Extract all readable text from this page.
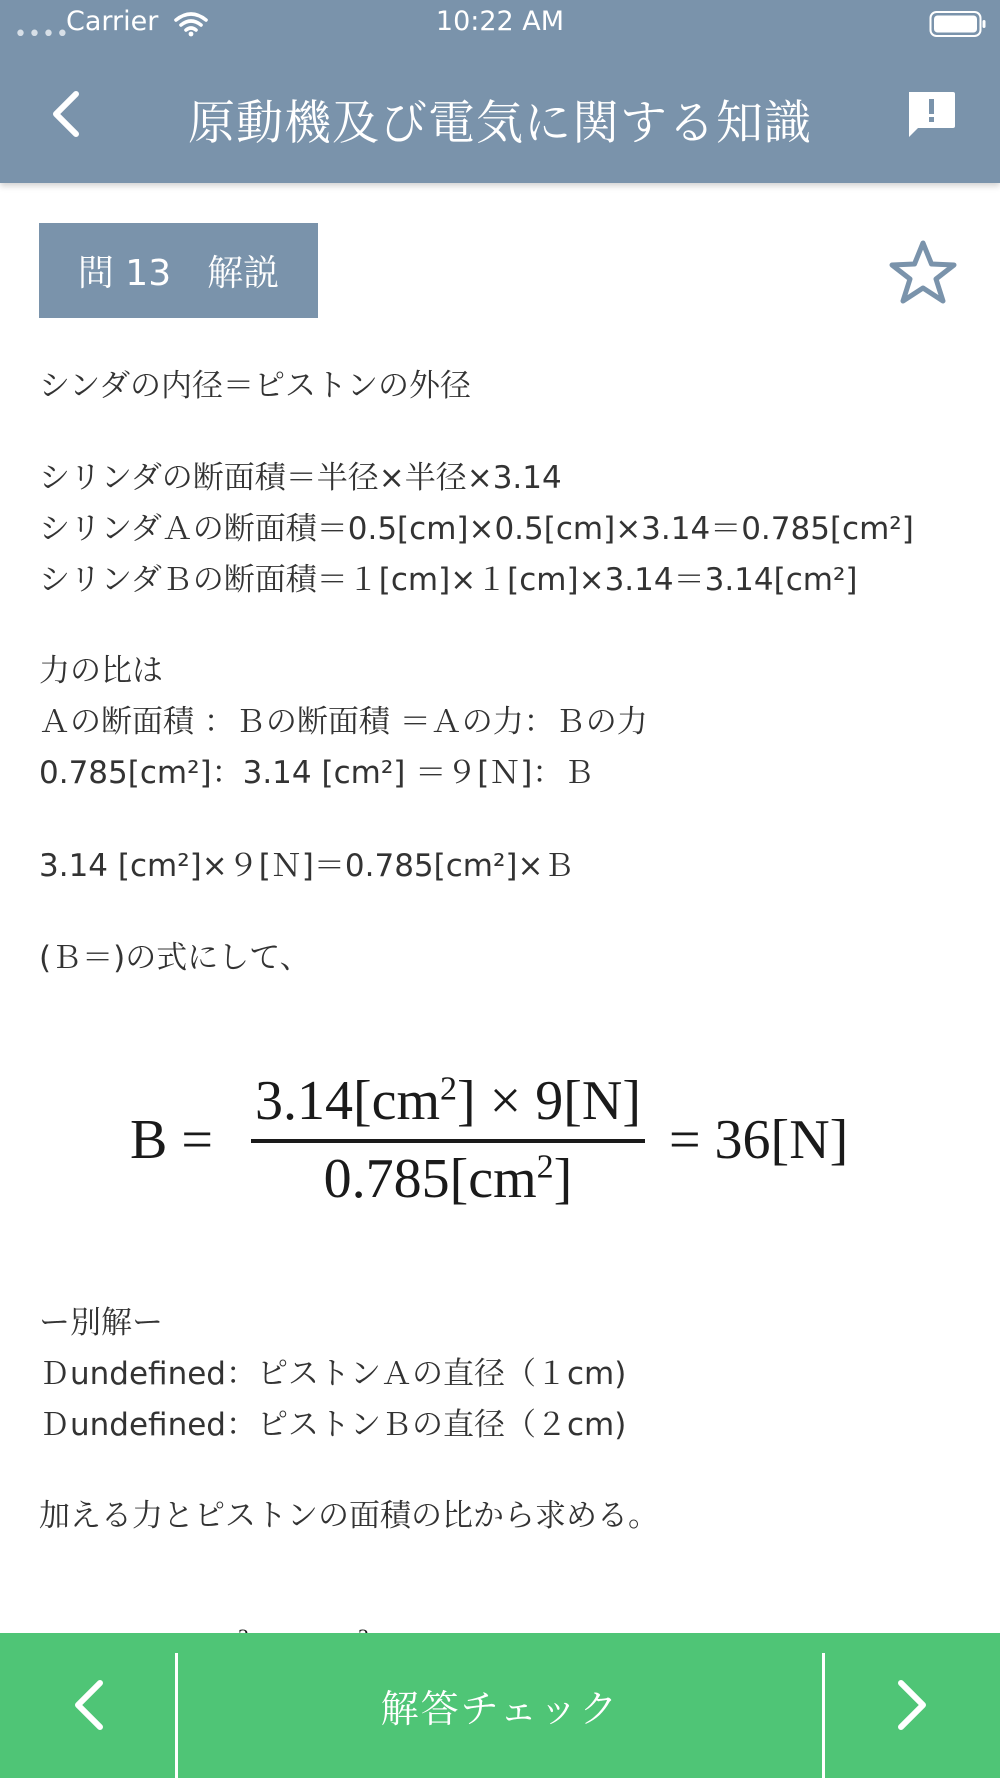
••••
Carrier	10:22 AM
原動機及び電気に関する知識
問 13　解説
シンダの内径＝ピストンの外径
シリンダの断面積＝半径×半径×3.14
シリンダＡの断面積＝0.5[cm]×0.5[cm]×3.14＝0.785[cm²]
シリンダＢの断面積＝１[cm]×１[cm]×3.14＝3.14[cm²]
力の比は
Ａの断面積 ：Ｂの断面積 ＝Ａの力：Ｂの力
0.785[cm²]：3.14 [cm²] ＝９[Ｎ]：Ｂ
3.14 [cm²]×９[Ｎ]＝0.785[cm²]×Ｂ
(Ｂ＝)の式にして、
$B = \frac{3.14[cm^2] \times 9[N]}{0.785[cm^2]} = 36[N]$
ー別解ー
Ｄundefined：ピストンＡの直径（１cm)
Ｄundefined：ピストンＢの直径（２cm)
加える力とピストンの面積の比から求める。
解答チェック
